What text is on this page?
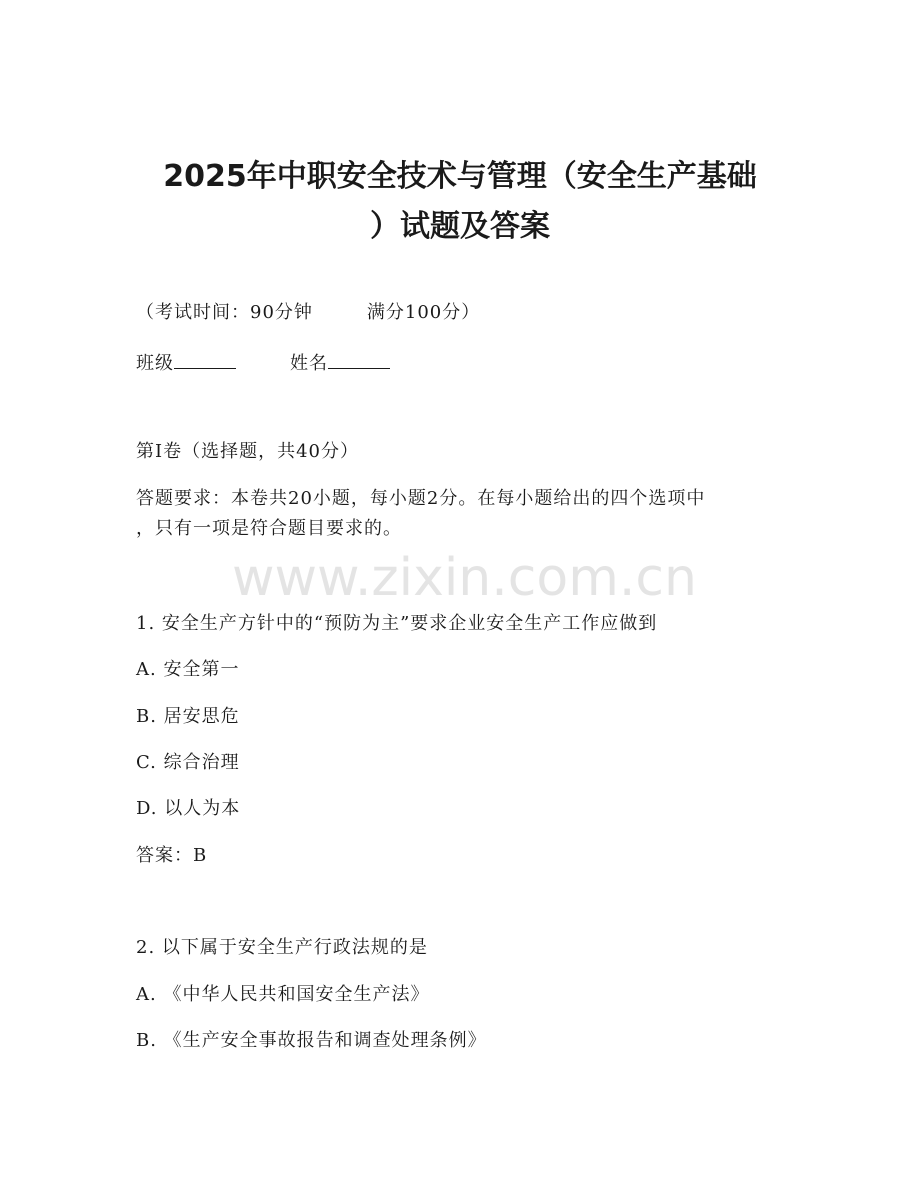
2025年中职安全技术与管理（安全生产基础
）试题及答案
（考试时间：90分钟	满分100分）
班级	姓名
第Ⅰ卷（选择题，共40分）
答题要求：本卷共20小题，每小题2分。在每小题给出的四个选项中
，只有一项是符合题目要求的。
www.zixin.com.cn
1. 安全生产方针中的“预防为主”要求企业安全生产工作应做到
A. 安全第一
B. 居安思危
C. 综合治理
D. 以人为本
答案：B
2. 以下属于安全生产行政法规的是
A. 《中华人民共和国安全生产法》
B. 《生产安全事故报告和调查处理条例》
